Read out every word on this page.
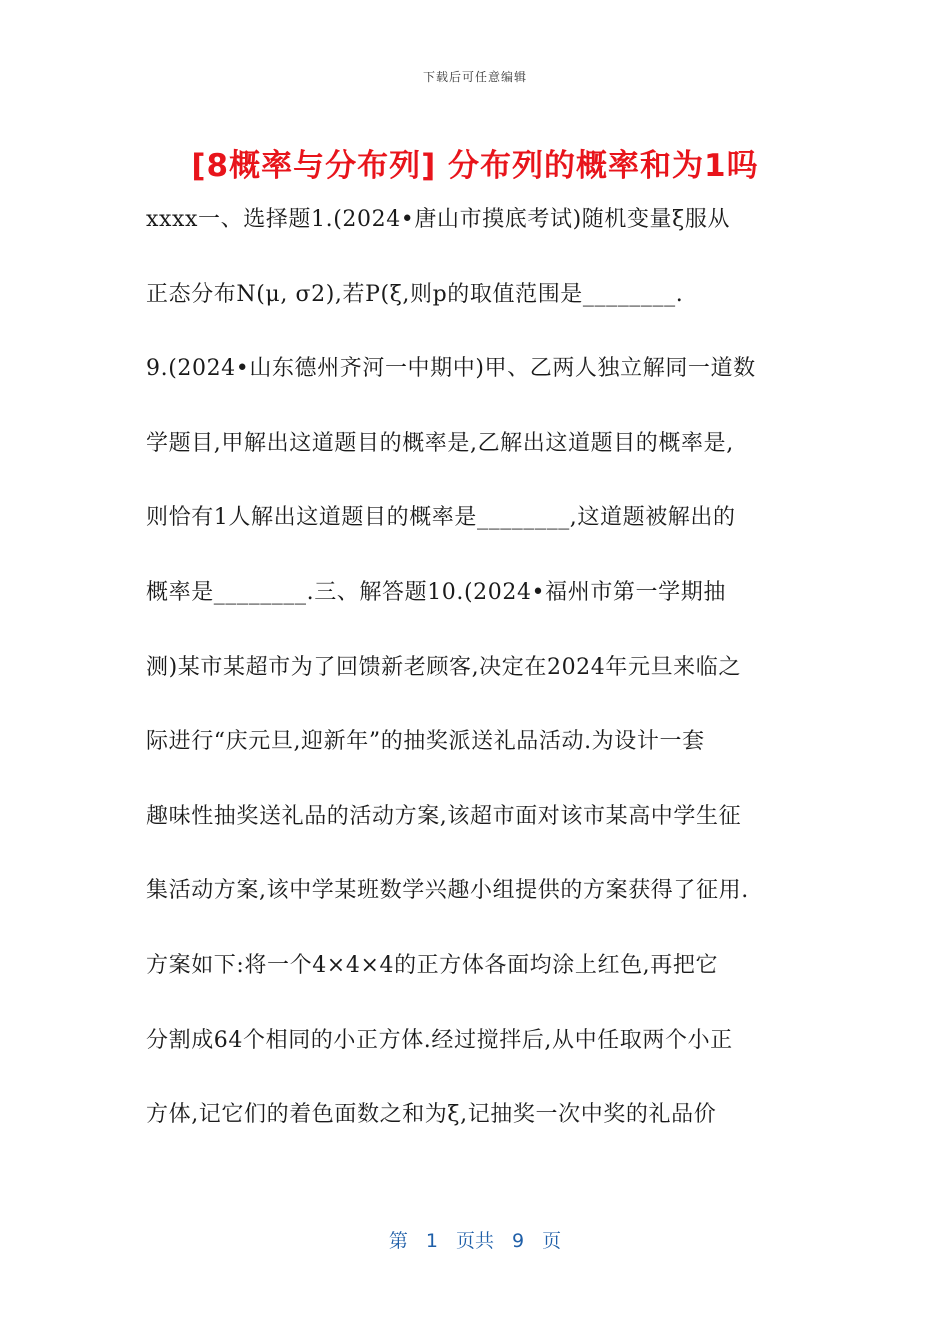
下载后可任意编辑
[8概率与分布列] 分布列的概率和为1吗
xxxx一、选择题1.(2024•唐山市摸底考试)随机变量ξ服从
正态分布N(μ, σ2),若P(ξ,则p的取值范围是________.
9.(2024•山东德州齐河一中期中)甲、乙两人独立解同一道数
学题目,甲解出这道题目的概率是,乙解出这道题目的概率是,
则恰有1人解出这道题目的概率是________,这道题被解出的
概率是________.三、解答题10.(2024•福州市第一学期抽
测)某市某超市为了回馈新老顾客,决定在2024年元旦来临之
际进行“庆元旦,迎新年”的抽奖派送礼品活动.为设计一套
趣味性抽奖送礼品的活动方案,该超市面对该市某高中学生征
集活动方案,该中学某班数学兴趣小组提供的方案获得了征用.
方案如下:将一个4×4×4的正方体各面均涂上红色,再把它
分割成64个相同的小正方体.经过搅拌后,从中任取两个小正
方体,记它们的着色面数之和为ξ,记抽奖一次中奖的礼品价
第 1 页共 9 页
